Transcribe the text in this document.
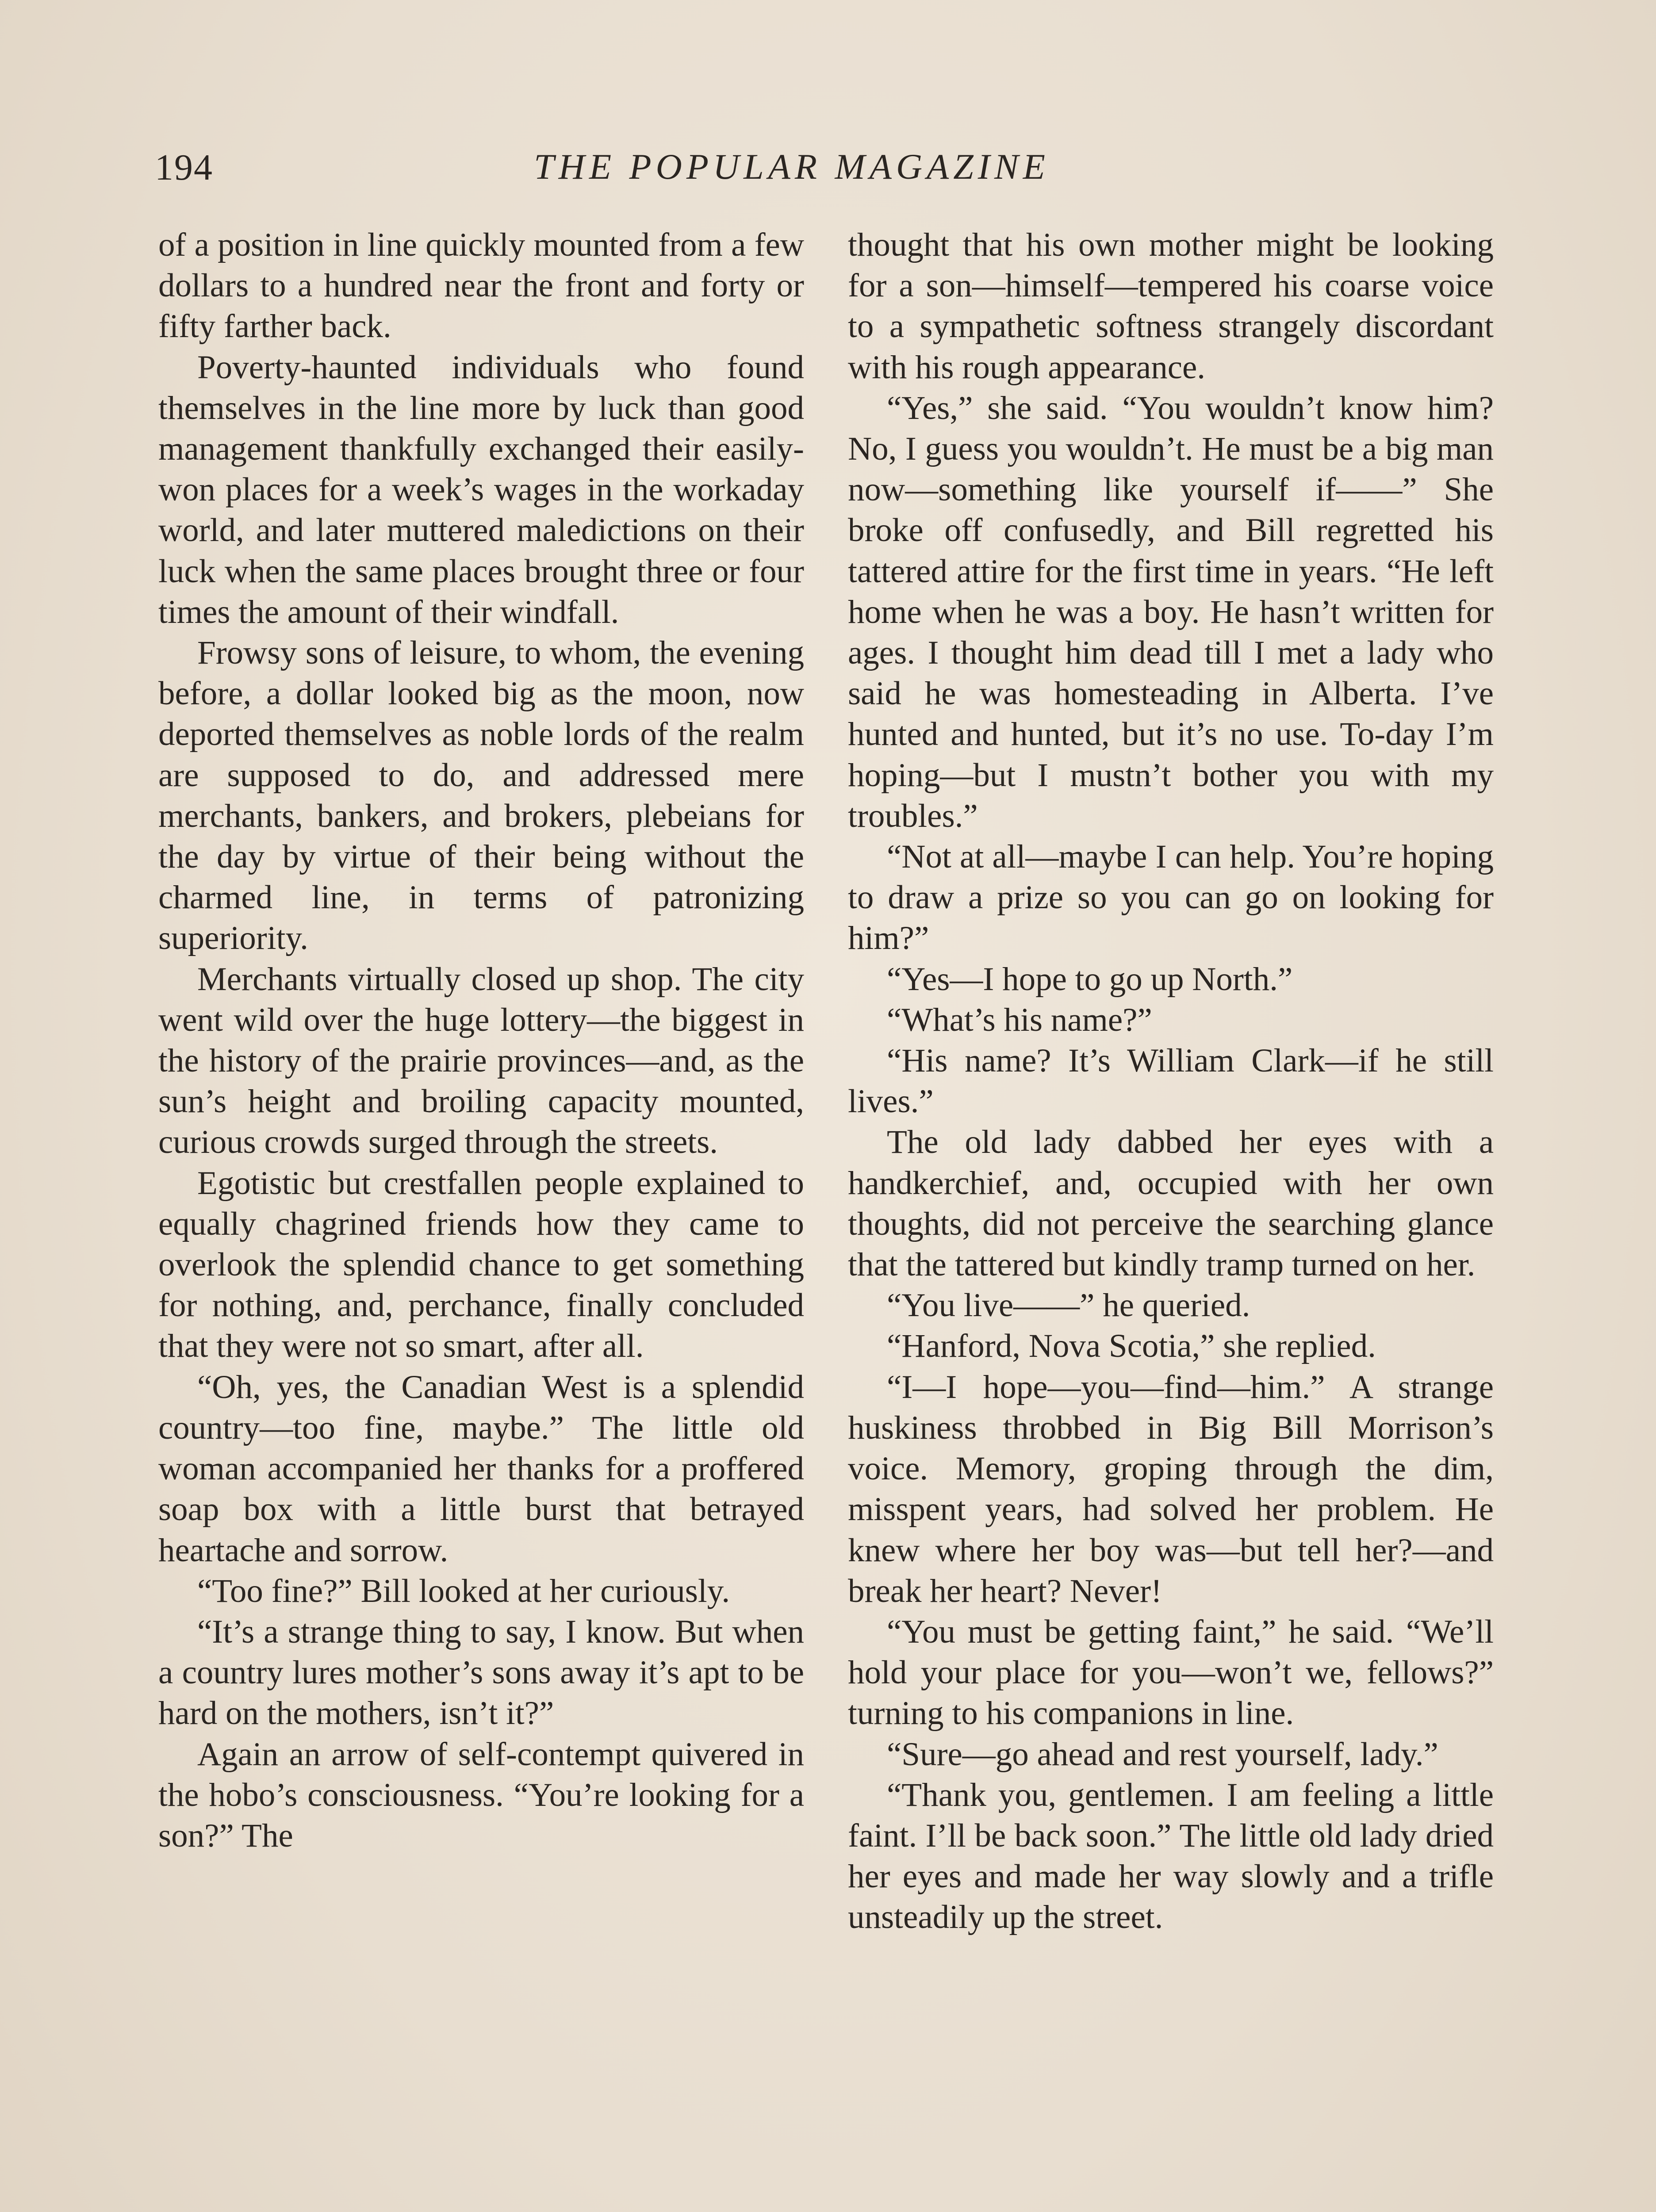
194	THE POPULAR MAGAZINE

of a position in line quickly mounted from a few dollars to a hundred near the front and forty or fifty farther back.

Poverty-haunted individuals who found themselves in the line more by luck than good management thankfully exchanged their easily-won places for a week’s wages in the workaday world, and later muttered maledictions on their luck when the same places brought three or four times the amount of their windfall.

Frowsy sons of leisure, to whom, the evening before, a dollar looked big as the moon, now deported themselves as noble lords of the realm are supposed to do, and addressed mere merchants, bankers, and brokers, plebeians for the day by virtue of their being without the charmed line, in terms of patronizing superiority.

Merchants virtually closed up shop. The city went wild over the huge lottery—the biggest in the history of the prairie provinces—and, as the sun’s height and broiling capacity mounted, curious crowds surged through the streets.

Egotistic but crestfallen people explained to equally chagrined friends how they came to overlook the splendid chance to get something for nothing, and, perchance, finally concluded that they were not so smart, after all.

“Oh, yes, the Canadian West is a splendid country—too fine, maybe.” The little old woman accompanied her thanks for a proffered soap box with a little burst that betrayed heartache and sorrow.

“Too fine?” Bill looked at her curiously.

“It’s a strange thing to say, I know. But when a country lures mother’s sons away it’s apt to be hard on the mothers, isn’t it?”

Again an arrow of self-contempt quivered in the hobo’s consciousness. “You’re looking for a son?” The

thought that his own mother might be looking for a son—himself—tempered his coarse voice to a sympathetic softness strangely discordant with his rough appearance.

“Yes,” she said. “You wouldn’t know him? No, I guess you wouldn’t. He must be a big man now—something like yourself if——” She broke off confusedly, and Bill regretted his tattered attire for the first time in years. “He left home when he was a boy. He hasn’t written for ages. I thought him dead till I met a lady who said he was homesteading in Alberta. I’ve hunted and hunted, but it’s no use. To-day I’m hoping—but I mustn’t bother you with my troubles.”

“Not at all—maybe I can help. You’re hoping to draw a prize so you can go on looking for him?”

“Yes—I hope to go up North.”

“What’s his name?”

“His name? It’s William Clark—if he still lives.”

The old lady dabbed her eyes with a handkerchief, and, occupied with her own thoughts, did not perceive the searching glance that the tattered but kindly tramp turned on her.

“You live——” he queried.

“Hanford, Nova Scotia,” she replied.

“I—I hope—you—find—him.” A strange huskiness throbbed in Big Bill Morrison’s voice. Memory, groping through the dim, misspent years, had solved her problem. He knew where her boy was—but tell her?—and break her heart? Never!

“You must be getting faint,” he said. “We’ll hold your place for you—won’t we, fellows?” turning to his companions in line.

“Sure—go ahead and rest yourself, lady.”

“Thank you, gentlemen. I am feeling a little faint. I’ll be back soon.” The little old lady dried her eyes and made her way slowly and a trifle unsteadily up the street.
